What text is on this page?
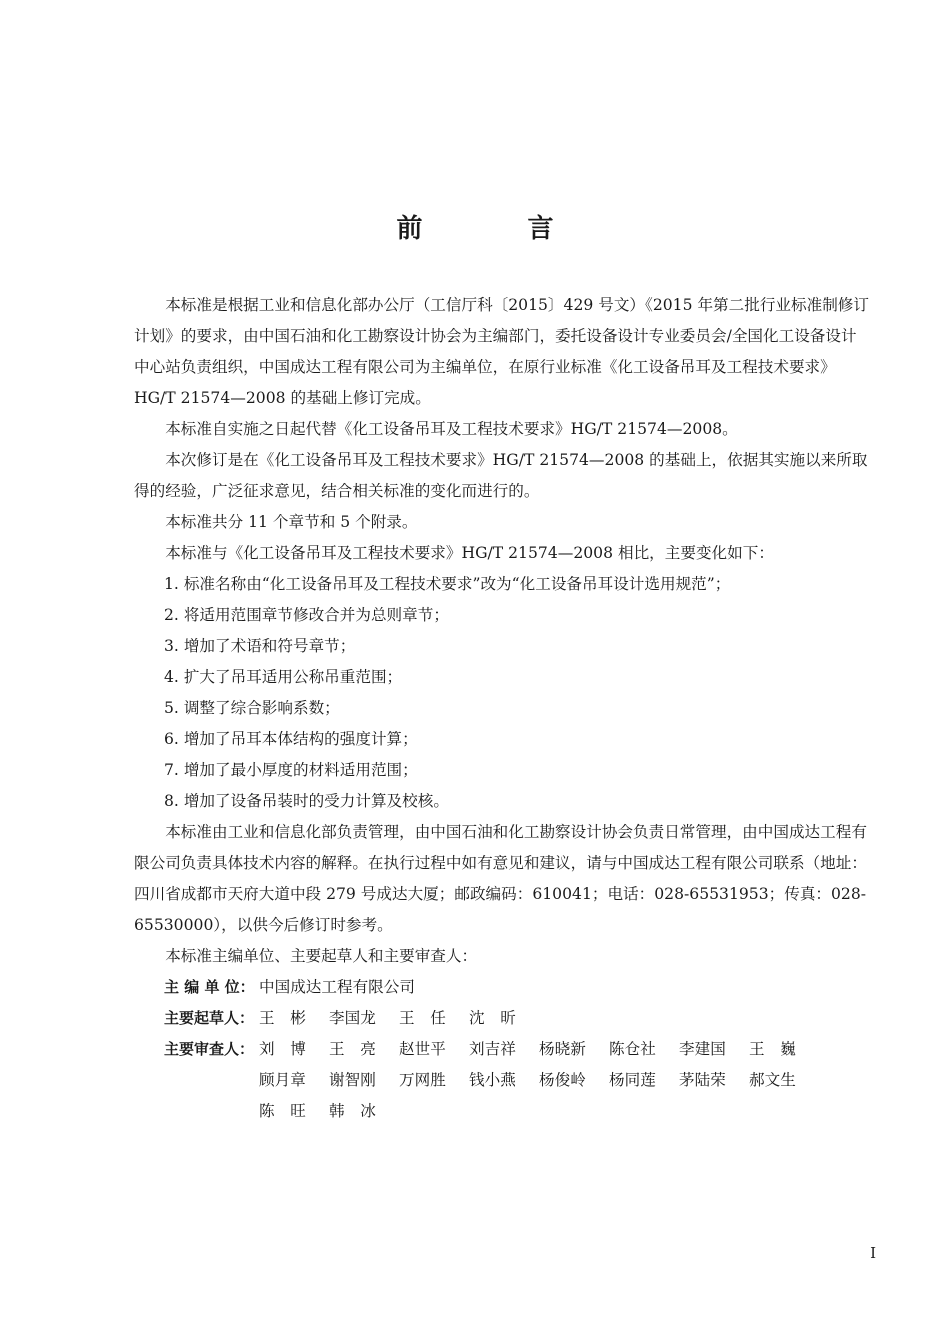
前 言

本标准是根据工业和信息化部办公厅（工信厅科〔2015〕429 号文）《2015 年第二批行业标准制修订计划》的要求，由中国石油和化工勘察设计协会为主编部门，委托设备设计专业委员会/全国化工设备设计中心站负责组织，中国成达工程有限公司为主编单位，在原行业标准《化工设备吊耳及工程技术要求》HG/T 21574—2008 的基础上修订完成。

本标准自实施之日起代替《化工设备吊耳及工程技术要求》HG/T 21574—2008。

本次修订是在《化工设备吊耳及工程技术要求》HG/T 21574—2008 的基础上，依据其实施以来所取得的经验，广泛征求意见，结合相关标准的变化而进行的。

本标准共分 11 个章节和 5 个附录。

本标准与《化工设备吊耳及工程技术要求》HG/T 21574—2008 相比，主要变化如下：

1. 标准名称由“化工设备吊耳及工程技术要求”改为“化工设备吊耳设计选用规范”；

2. 将适用范围章节修改合并为总则章节；

3. 增加了术语和符号章节；

4. 扩大了吊耳适用公称吊重范围；

5. 调整了综合影响系数；

6. 增加了吊耳本体结构的强度计算；

7. 增加了最小厚度的材料适用范围；

8. 增加了设备吊装时的受力计算及校核。

本标准由工业和信息化部负责管理，由中国石油和化工勘察设计协会负责日常管理，由中国成达工程有限公司负责具体技术内容的解释。在执行过程中如有意见和建议，请与中国成达工程有限公司联系（地址：四川省成都市天府大道中段 279 号成达大厦；邮政编码：610041；电话：028-65531953；传真：028-65530000），以供今后修订时参考。

本标准主编单位、主要起草人和主要审查人：

主 编 单 位： 中国成达工程有限公司
主要起草人： 王　彬	李国龙	王　任	沈　昕
主要审查人： 刘　博	王　亮	赵世平	刘吉祥	杨晓新	陈仓社	李建国	王　巍
顾月章	谢智刚	万网胜	钱小燕	杨俊岭	杨同莲	茅陆荣	郝文生
陈　旺	韩　冰
I
